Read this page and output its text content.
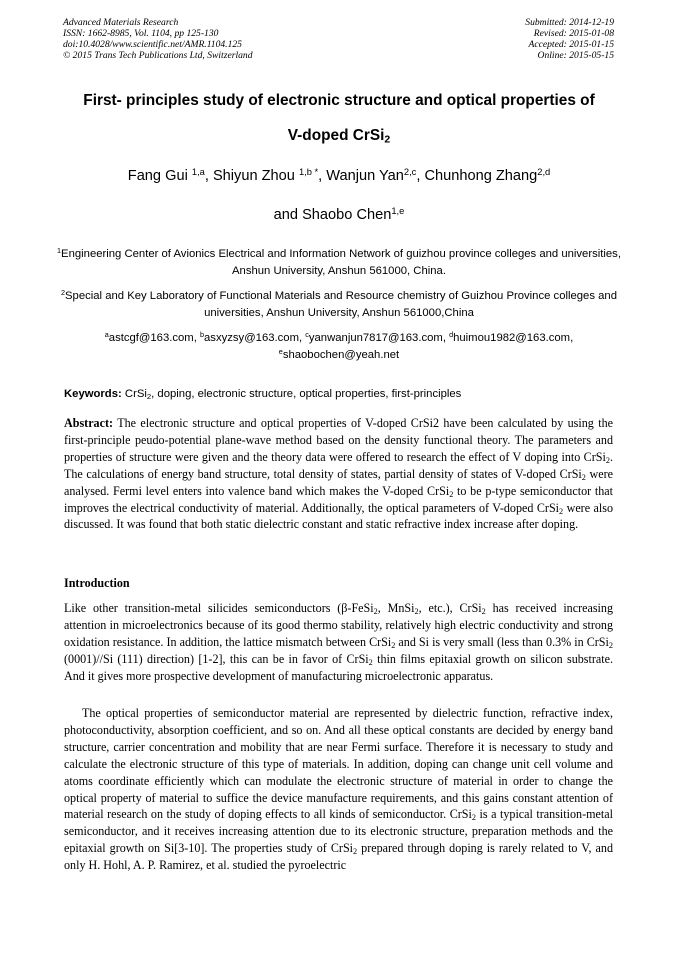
Advanced Materials Research
ISSN: 1662-8985, Vol. 1104, pp 125-130
doi:10.4028/www.scientific.net/AMR.1104.125
© 2015 Trans Tech Publications Ltd, Switzerland
Submitted: 2014-12-19
Revised: 2015-01-08
Accepted: 2015-01-15
Online: 2015-05-15
First- principles study of electronic structure and optical properties of
V-doped CrSi$_2$
Fang Gui $^{1,a}$, Shiyun Zhou $^{1,b *}$, Wanjun Yan$^{2,c}$, Chunhong Zhang$^{2,d}$
and Shaobo Chen$^{1,e}$
$^1$Engineering Center of Avionics Electrical and Information Network of guizhou province colleges and universities, Anshun University, Anshun 561000, China.
$^2$Special and Key Laboratory of Functional Materials and Resource chemistry of Guizhou Province colleges and universities, Anshun University, Anshun 561000,China
$^a$astcgf@163.com, $^b$asxyzsy@163.com, $^c$yanwanjun7817@163.com, $^d$huimou1982@163.com,
$^e$shaobochen@yeah.net
Keywords: CrSi$_2$, doping, electronic structure, optical properties, first-principles
Abstract: The electronic structure and optical properties of V-doped CrSi2 have been calculated by using the first-principle peudo-potential plane-wave method based on the density functional theory. The parameters and properties of structure were given and the theory data were offered to research the effect of V doping into CrSi$_2$. The calculations of energy band structure, total density of states, partial density of states of V-doped CrSi$_2$ were analysed. Fermi level enters into valence band which makes the V-doped CrSi$_2$ to be p-type semiconductor that improves the electrical conductivity of material. Additionally, the optical parameters of V-doped CrSi$_2$ were also discussed. It was found that both static dielectric constant and static refractive index increase after doping.
Introduction
Like other transition-metal silicides semiconductors (β-FeSi$_2$, MnSi$_2$, etc.), CrSi$_2$ has received increasing attention in microelectronics because of its good thermo stability, relatively high electric conductivity and strong oxidation resistance. In addition, the lattice mismatch between CrSi$_2$ and Si is very small (less than 0.3% in CrSi$_2$ (0001)//Si (111) direction) [1-2], this can be in favor of CrSi$_2$ thin films epitaxial growth on silicon substrate. And it gives more prospective development of manufacturing microelectronic apparatus.
The optical properties of semiconductor material are represented by dielectric function, refractive index, photoconductivity, absorption coefficient, and so on. And all these optical constants are decided by energy band structure, carrier concentration and mobility that are near Fermi surface. Therefore it is necessary to study and calculate the electronic structure of this type of materials. In addition, doping can change unit cell volume and atoms coordinate efficiently which can modulate the electronic structure of material in order to change the optical property of material to suffice the device manufacture requirements, and this gains constant attention of material research on the study of doping effects to all kinds of semiconductor. CrSi$_2$ is a typical transition-metal semiconductor, and it receives increasing attention due to its electronic structure, preparation methods and the epitaxial growth on Si[3-10]. The properties study of CrSi$_2$ prepared through doping is rarely related to V, and only H. Hohl, A. P. Ramirez, et al. studied the pyroelectric
